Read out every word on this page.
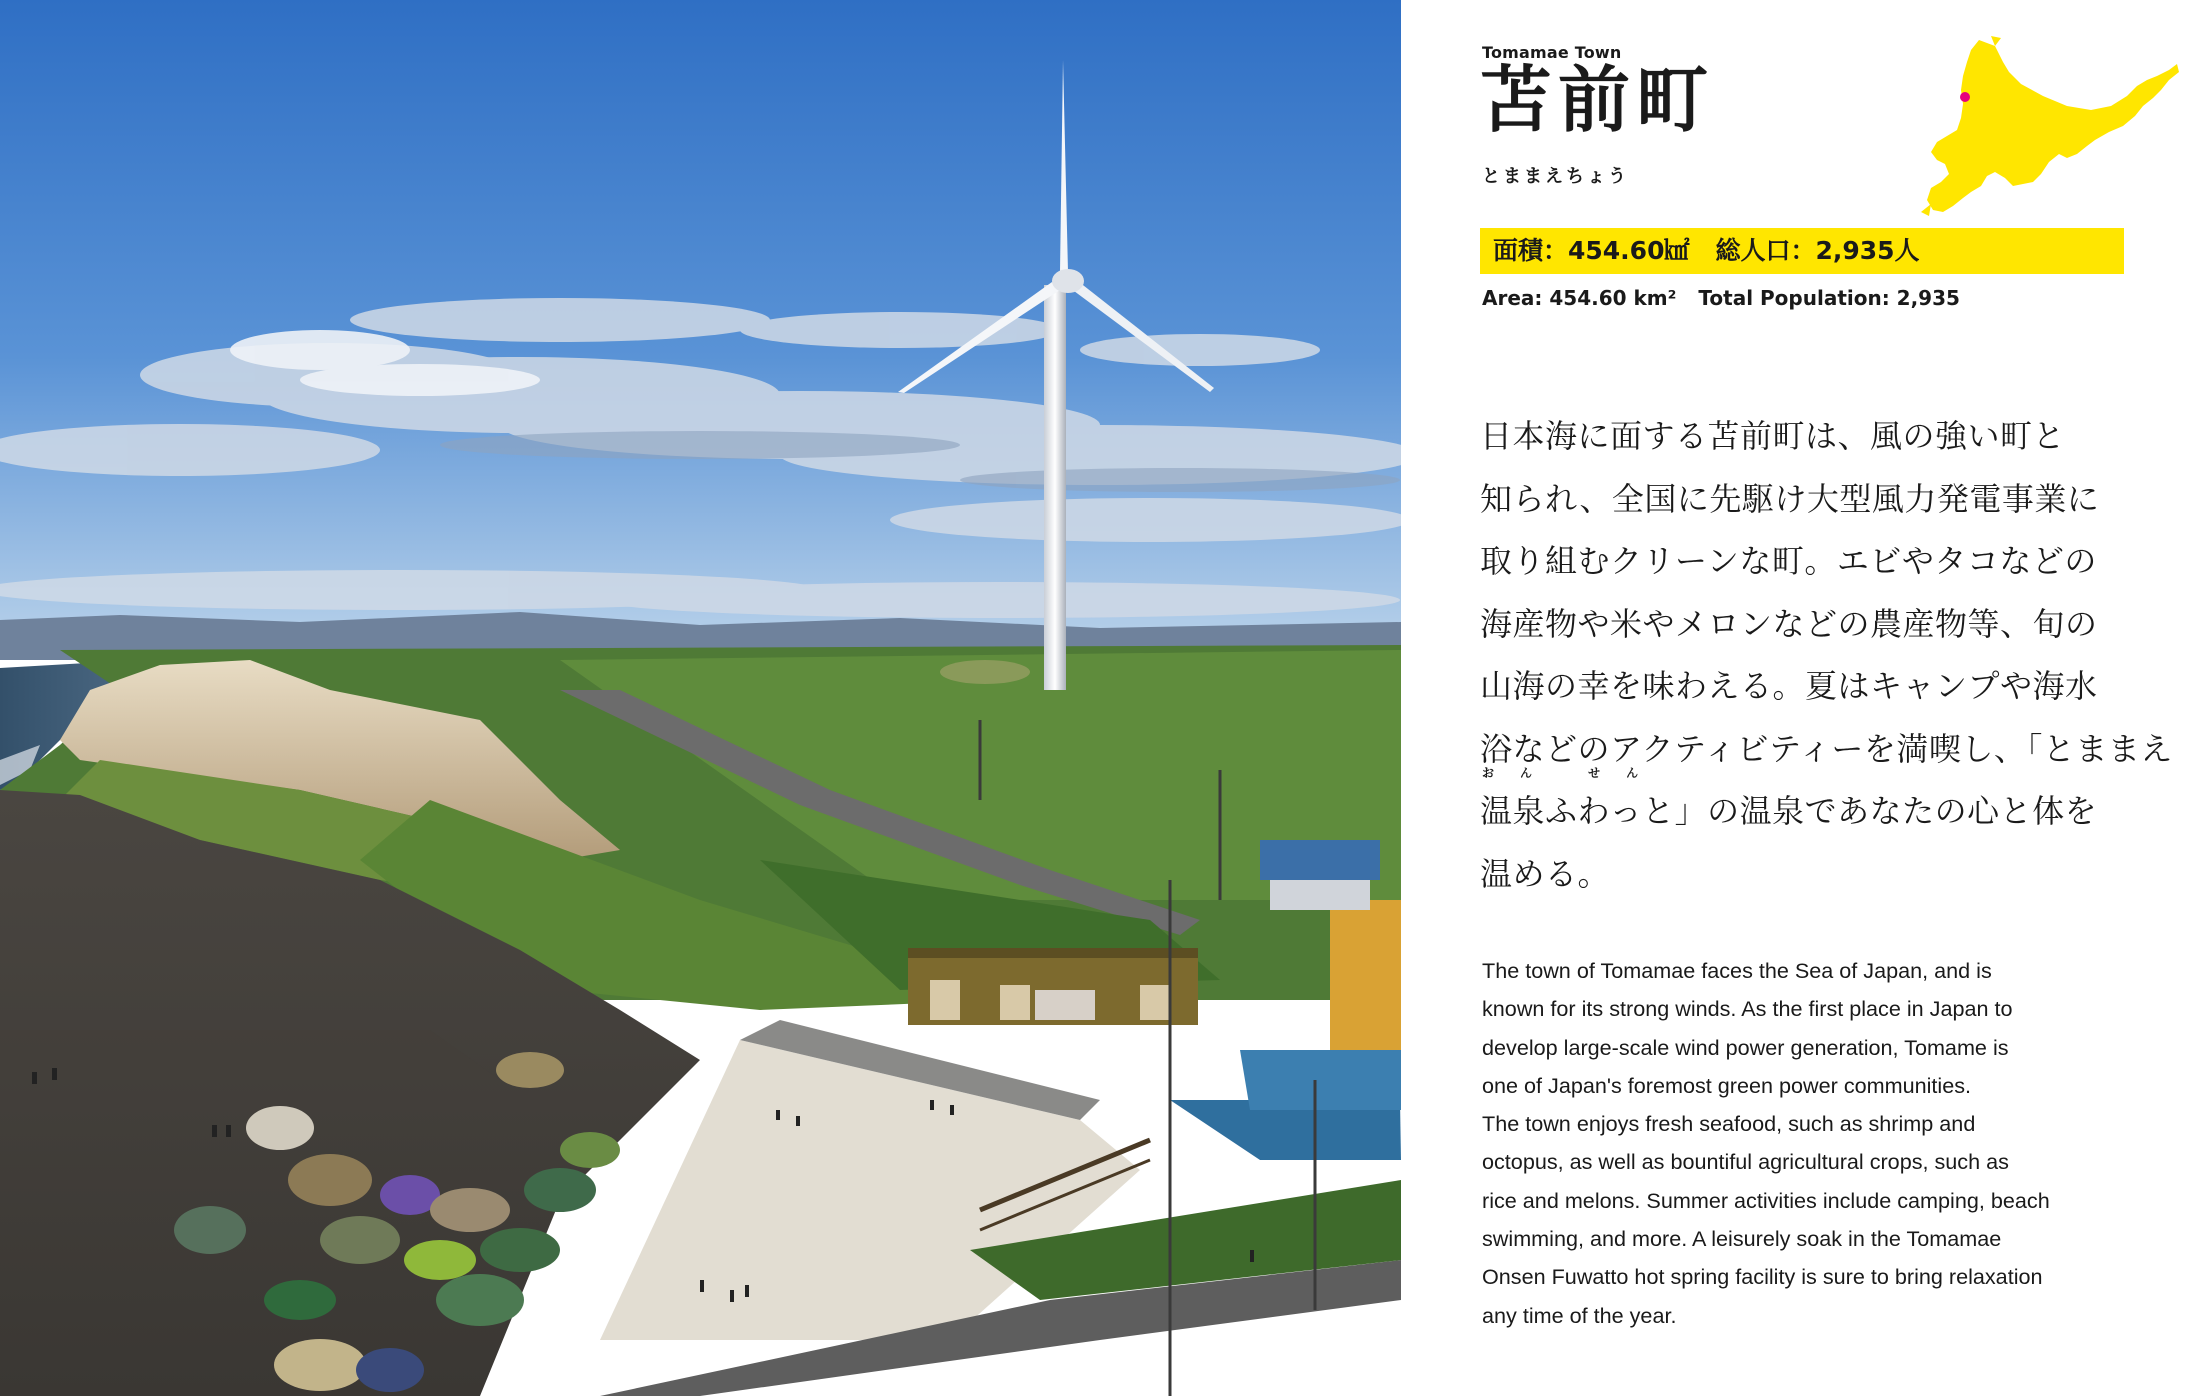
Tomamae Town
苫前町
とままえちょう
面積：454.60㎢ 総人口：2,935人
Area: 454.60 km² Total Population: 2,935
日本海に面する苫前町は、風の強い町と
知られ、全国に先駆け大型風力発電事業に
取り組むクリーンな町。エビやタコなどの
海産物や米やメロンなどの農産物等、旬の
山海の幸を味わえる。夏はキャンプや海水
浴などのアクティビティーを満喫し、「とままえ
おん せん
温泉ふわっと」の温泉であなたの心と体を
温める。
The town of Tomamae faces the Sea of Japan, and is
known for its strong winds. As the first place in Japan to
develop large-scale wind power generation, Tomame is
one of Japan's foremost green power communities.
The town enjoys fresh seafood, such as shrimp and
octopus, as well as bountiful agricultural crops, such as
rice and melons. Summer activities include camping, beach
swimming, and more. A leisurely soak in the Tomamae
Onsen Fuwatto hot spring facility is sure to bring relaxation
any time of the year.
